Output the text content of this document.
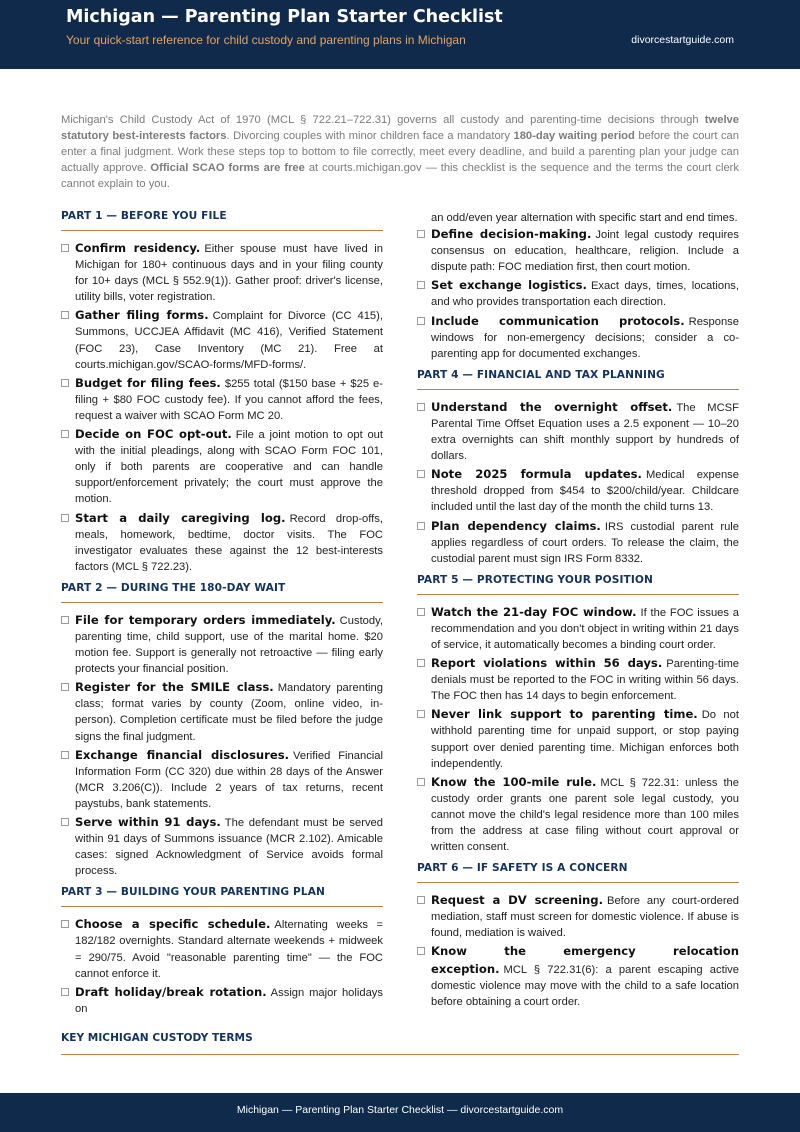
Michigan — Parenting Plan Starter Checklist
Your quick-start reference for child custody and parenting plans in Michigan	divorcestartguide.com
Michigan's Child Custody Act of 1970 (MCL § 722.21–722.31) governs all custody and parenting-time decisions through twelve statutory best-interests factors. Divorcing couples with minor children face a mandatory 180-day waiting period before the court can enter a final judgment. Work these steps top to bottom to file correctly, meet every deadline, and build a parenting plan your judge can actually approve. Official SCAO forms are free at courts.michigan.gov — this checklist is the sequence and the terms the court clerk cannot explain to you.
PART 1 — BEFORE YOU FILE
Confirm residency. Either spouse must have lived in Michigan for 180+ continuous days and in your filing county for 10+ days (MCL § 552.9(1)). Gather proof: driver's license, utility bills, voter registration.
Gather filing forms. Complaint for Divorce (CC 415), Summons, UCCJEA Affidavit (MC 416), Verified Statement (FOC 23), Case Inventory (MC 21). Free at courts.michigan.gov/SCAO-forms/MFD-forms/.
Budget for filing fees. $255 total ($150 base + $25 e-filing + $80 FOC custody fee). If you cannot afford the fees, request a waiver with SCAO Form MC 20.
Decide on FOC opt-out. File a joint motion to opt out with the initial pleadings, along with SCAO Form FOC 101, only if both parents are cooperative and can handle support/enforcement privately; the court must approve the motion.
Start a daily caregiving log. Record drop-offs, meals, homework, bedtime, doctor visits. The FOC investigator evaluates these against the 12 best-interests factors (MCL § 722.23).
PART 2 — DURING THE 180-DAY WAIT
File for temporary orders immediately. Custody, parenting time, child support, use of the marital home. $20 motion fee. Support is generally not retroactive — filing early protects your financial position.
Register for the SMILE class. Mandatory parenting class; format varies by county (Zoom, online video, in-person). Completion certificate must be filed before the judge signs the final judgment.
Exchange financial disclosures. Verified Financial Information Form (CC 320) due within 28 days of the Answer (MCR 3.206(C)). Include 2 years of tax returns, recent paystubs, bank statements.
Serve within 91 days. The defendant must be served within 91 days of Summons issuance (MCR 2.102). Amicable cases: signed Acknowledgment of Service avoids formal process.
PART 3 — BUILDING YOUR PARENTING PLAN
Choose a specific schedule. Alternating weeks = 182/182 overnights. Standard alternate weekends + midweek = 290/75. Avoid "reasonable parenting time" — the FOC cannot enforce it.
Draft holiday/break rotation. Assign major holidays on
an odd/even year alternation with specific start and end times.
Define decision-making. Joint legal custody requires consensus on education, healthcare, religion. Include a dispute path: FOC mediation first, then court motion.
Set exchange logistics. Exact days, times, locations, and who provides transportation each direction.
Include communication protocols. Response windows for non-emergency decisions; consider a co-parenting app for documented exchanges.
PART 4 — FINANCIAL AND TAX PLANNING
Understand the overnight offset. The MCSF Parental Time Offset Equation uses a 2.5 exponent — 10–20 extra overnights can shift monthly support by hundreds of dollars.
Note 2025 formula updates. Medical expense threshold dropped from $454 to $200/child/year. Childcare included until the last day of the month the child turns 13.
Plan dependency claims. IRS custodial parent rule applies regardless of court orders. To release the claim, the custodial parent must sign IRS Form 8332.
PART 5 — PROTECTING YOUR POSITION
Watch the 21-day FOC window. If the FOC issues a recommendation and you don't object in writing within 21 days of service, it automatically becomes a binding court order.
Report violations within 56 days. Parenting-time denials must be reported to the FOC in writing within 56 days. The FOC then has 14 days to begin enforcement.
Never link support to parenting time. Do not withhold parenting time for unpaid support, or stop paying support over denied parenting time. Michigan enforces both independently.
Know the 100-mile rule. MCL § 722.31: unless the custody order grants one parent sole legal custody, you cannot move the child's legal residence more than 100 miles from the address at case filing without court approval or written consent.
PART 6 — IF SAFETY IS A CONCERN
Request a DV screening. Before any court-ordered mediation, staff must screen for domestic violence. If abuse is found, mediation is waived.
Know the emergency relocation exception. MCL § 722.31(6): a parent escaping active domestic violence may move with the child to a safe location before obtaining a court order.
KEY MICHIGAN CUSTODY TERMS
Michigan — Parenting Plan Starter Checklist — divorcestartguide.com
